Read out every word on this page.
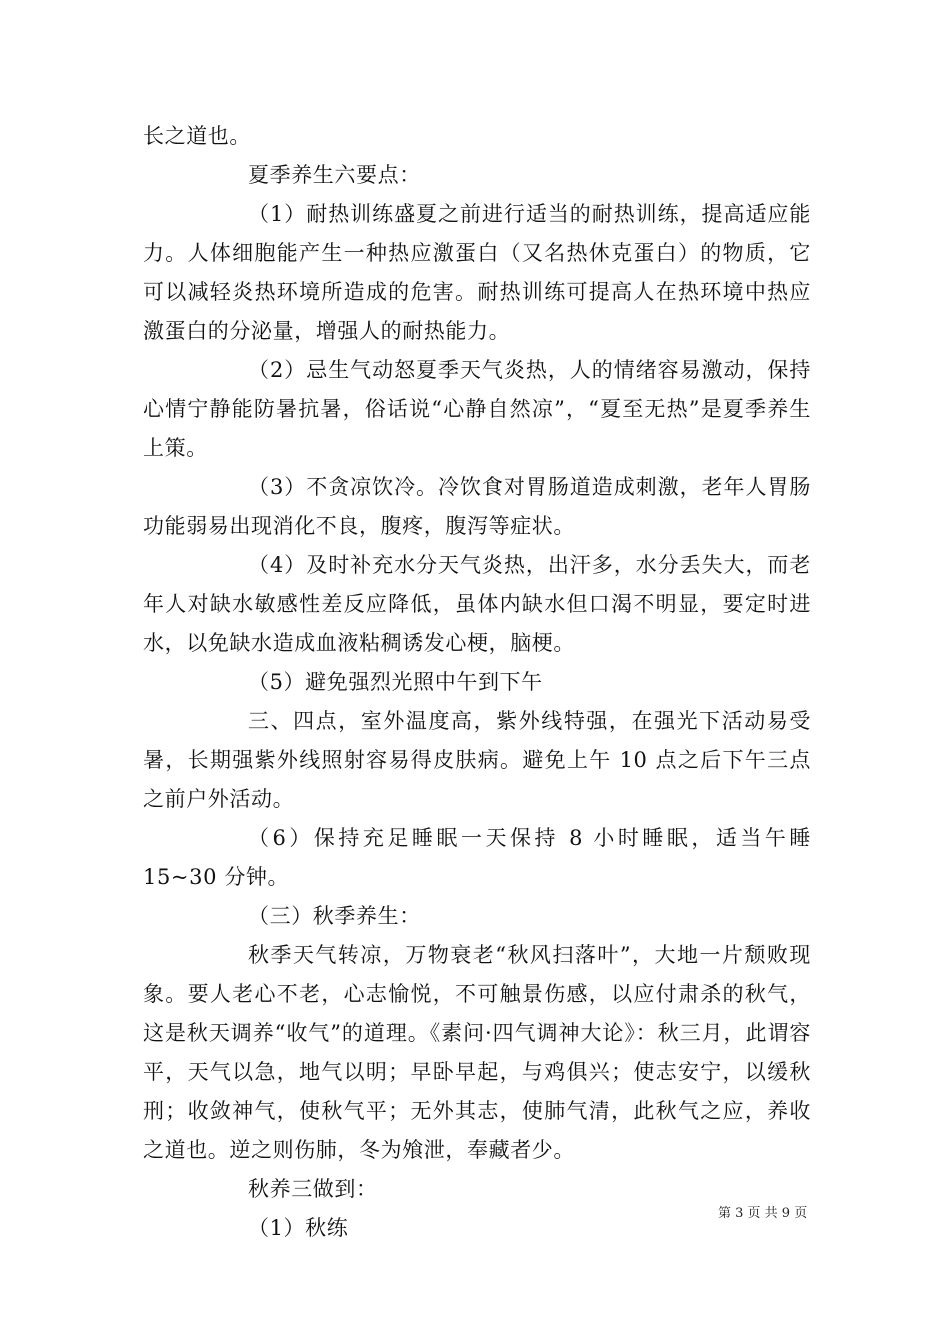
长之道也。

夏季养生六要点：

（1）耐热训练盛夏之前进行适当的耐热训练，提高适应能力。人体细胞能产生一种热应激蛋白（又名热休克蛋白）的物质，它可以减轻炎热环境所造成的危害。耐热训练可提高人在热环境中热应激蛋白的分泌量，增强人的耐热能力。

（2）忌生气动怒夏季天气炎热，人的情绪容易激动，保持心情宁静能防暑抗暑，俗话说“心静自然凉”，“夏至无热”是夏季养生上策。

（3）不贪凉饮冷。冷饮食对胃肠道造成刺激，老年人胃肠功能弱易出现消化不良，腹疼，腹泻等症状。

（4）及时补充水分天气炎热，出汗多，水分丢失大，而老年人对缺水敏感性差反应降低，虽体内缺水但口渴不明显，要定时进水，以免缺水造成血液粘稠诱发心梗，脑梗。

（5）避免强烈光照中午到下午

三、四点，室外温度高，紫外线特强，在强光下活动易受暑，长期强紫外线照射容易得皮肤病。避免上午 10 点之后下午三点之前户外活动。

（6）保持充足睡眠一天保持 8 小时睡眠，适当午睡 15~30 分钟。

（三）秋季养生：

秋季天气转凉，万物衰老“秋风扫落叶”，大地一片颓败现象。要人老心不老，心志愉悦，不可触景伤感，以应付肃杀的秋气，这是秋天调养“收气”的道理。《素问·四气调神大论》：秋三月，此谓容平，天气以急，地气以明；早卧早起，与鸡俱兴；使志安宁，以缓秋刑；收敛神气，使秋气平；无外其志，使肺气清，此秋气之应，养收之道也。逆之则伤肺，冬为飧泄，奉藏者少。

秋养三做到：

（1）秋练

第 3 页 共 9 页
